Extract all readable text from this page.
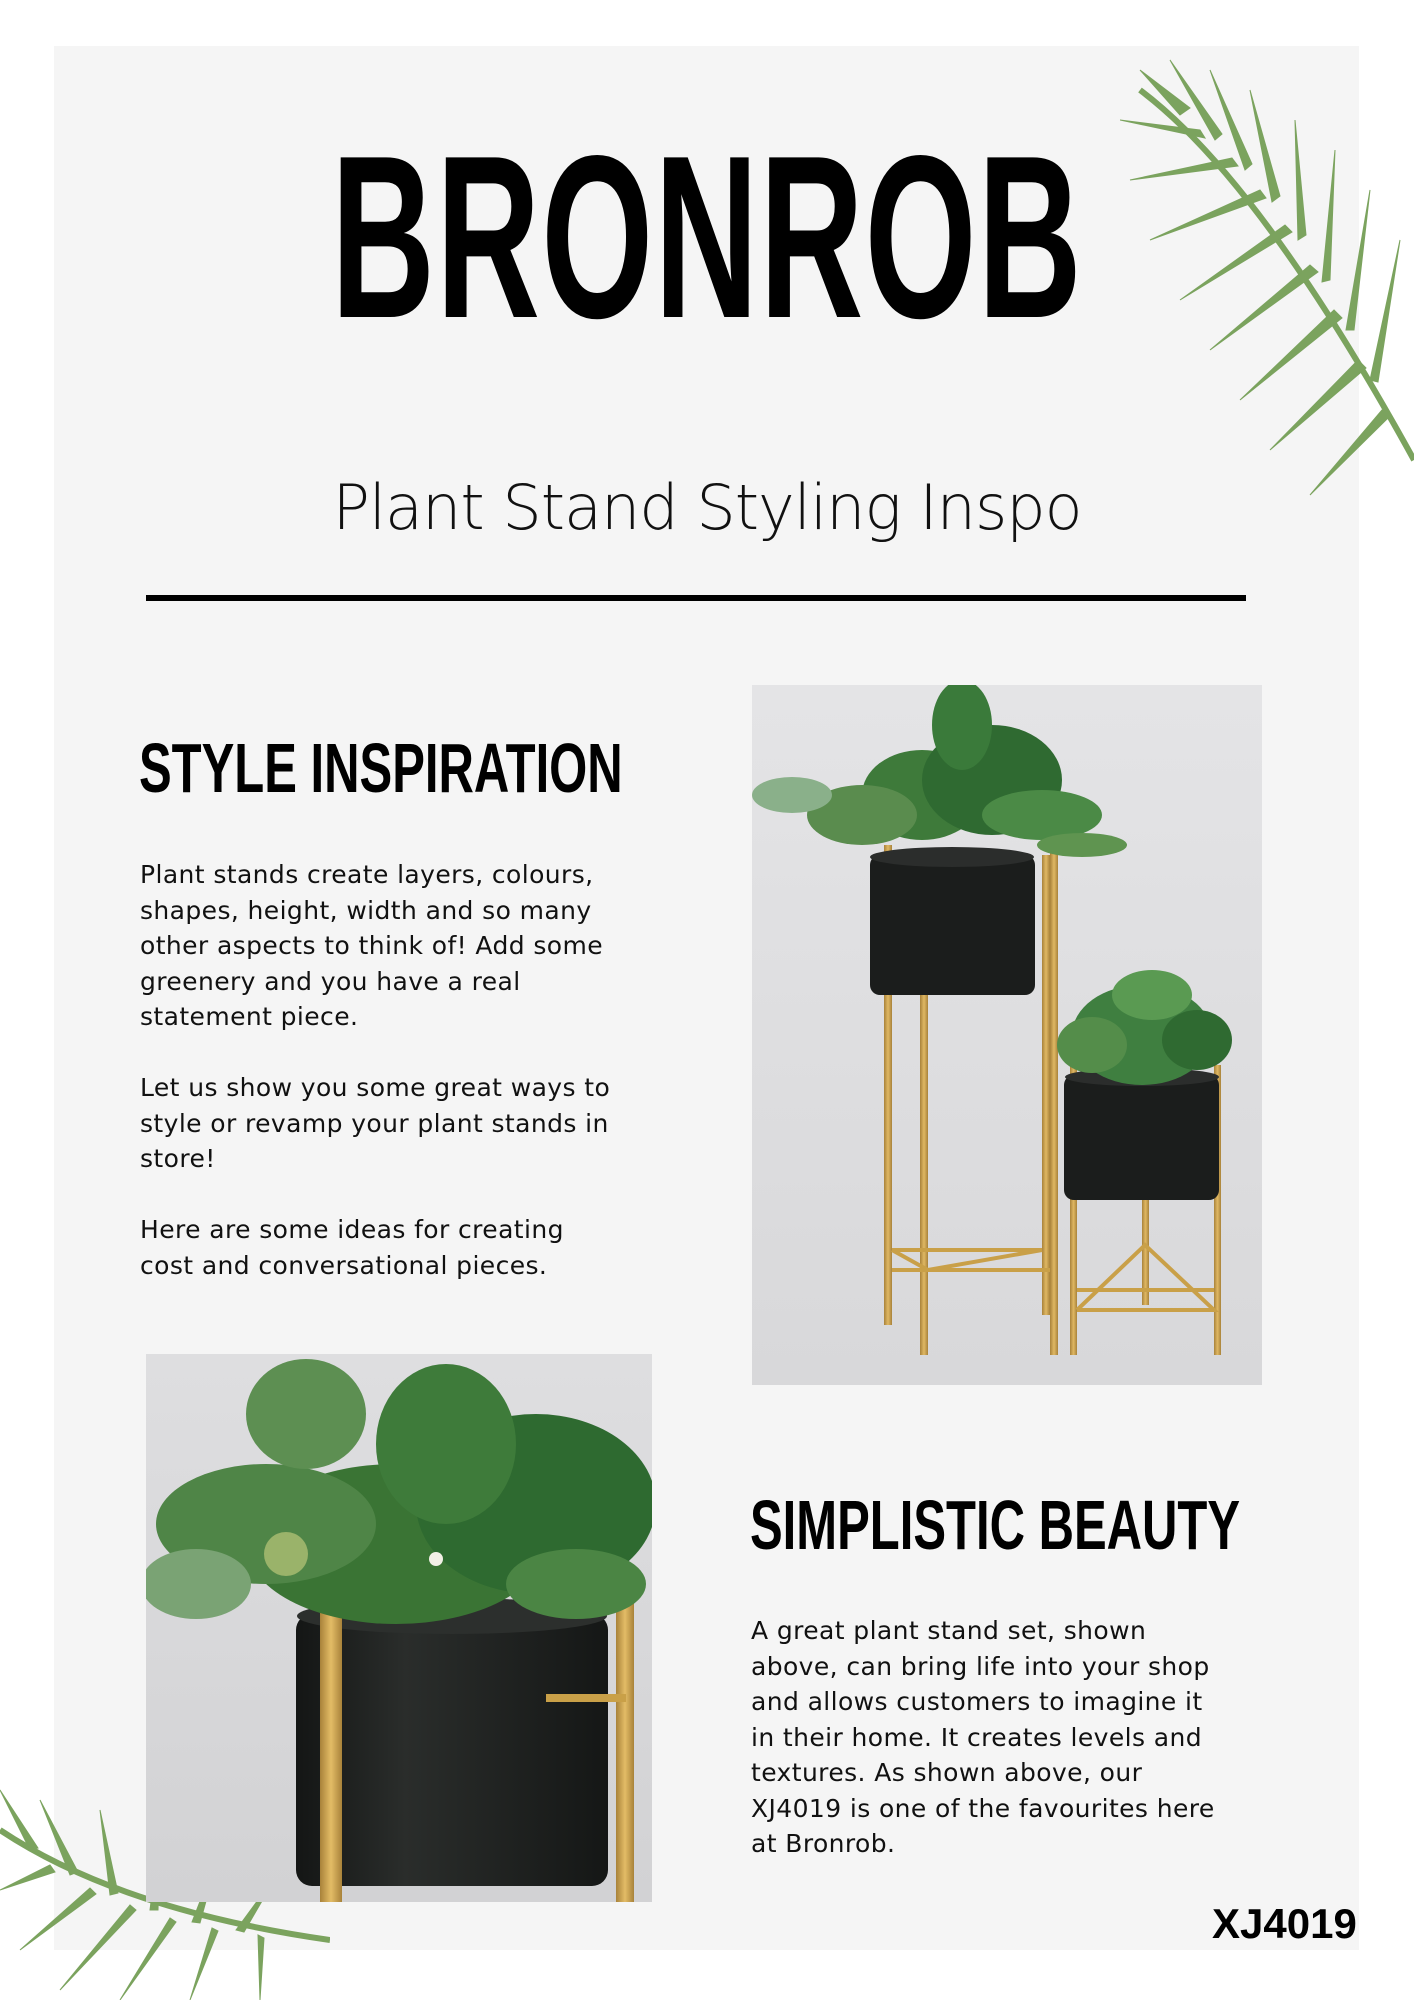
BRONROB
Plant Stand Styling Inspo
STYLE INSPIRATION

Plant stands create layers, colours,
shapes, height, width and so many
other aspects to think of! Add some
greenery and you have a real
statement piece.

Let us show you some great ways to
style or revamp your plant stands in
store!

Here are some ideas for creating
cost and conversational pieces.

SIMPLISTIC BEAUTY

A great plant stand set, shown
above, can bring life into your shop
and allows customers to imagine it
in their home. It creates levels and
textures. As shown above, our
XJ4019 is one of the favourites here
at Bronrob.

XJ4019
